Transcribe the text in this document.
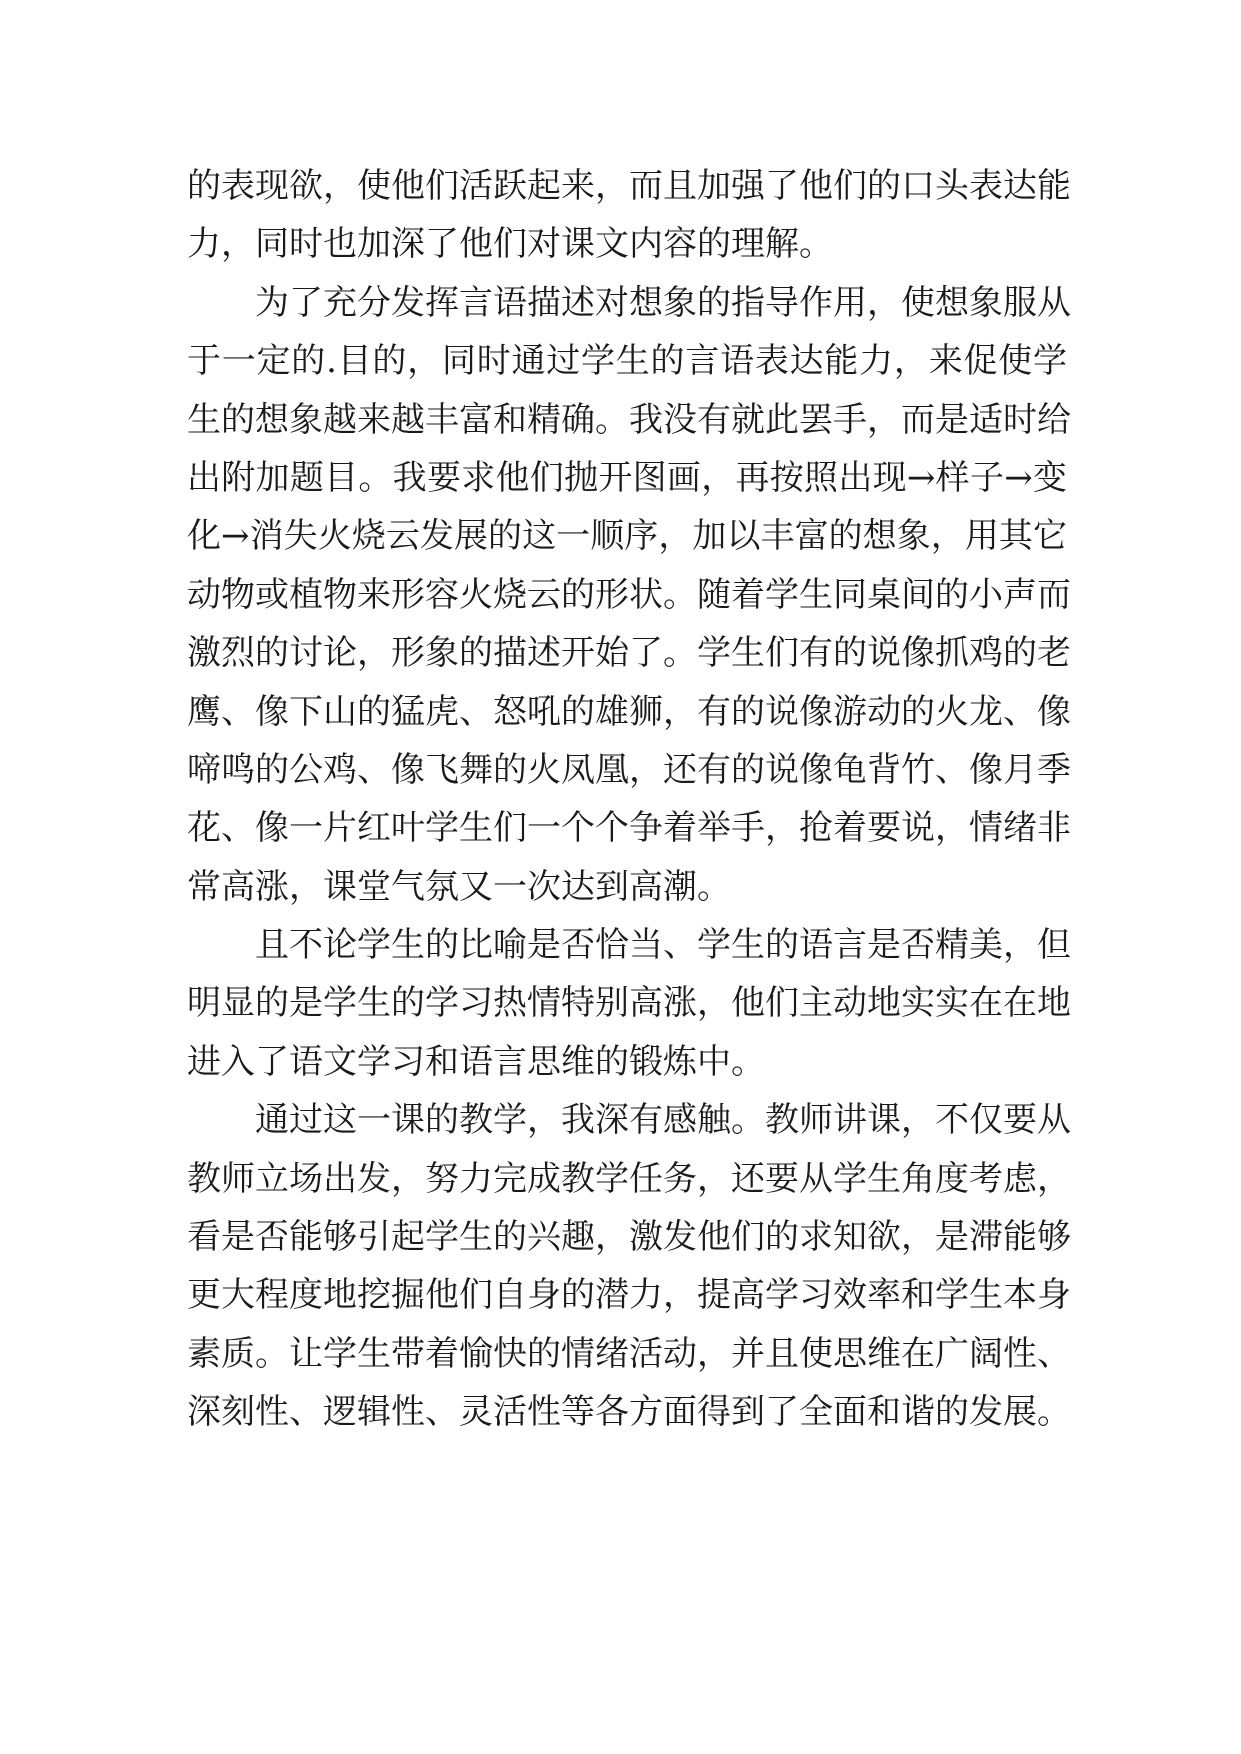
的表现欲，使他们活跃起来，而且加强了他们的口头表达能
力，同时也加深了他们对课文内容的理解。
为了充分发挥言语描述对想象的指导作用，使想象服从
于一定的.目的，同时通过学生的言语表达能力，来促使学
生的想象越来越丰富和精确。我没有就此罢手，而是适时给
出附加题目。我要求他们抛开图画，再按照出现→样子→变
化→消失火烧云发展的这一顺序，加以丰富的想象，用其它
动物或植物来形容火烧云的形状。随着学生同桌间的小声而
激烈的讨论，形象的描述开始了。学生们有的说像抓鸡的老
鹰、像下山的猛虎、怒吼的雄狮，有的说像游动的火龙、像
啼鸣的公鸡、像飞舞的火凤凰，还有的说像龟背竹、像月季
花、像一片红叶学生们一个个争着举手，抢着要说，情绪非
常高涨，课堂气氛又一次达到高潮。
且不论学生的比喻是否恰当、学生的语言是否精美，但
明显的是学生的学习热情特别高涨，他们主动地实实在在地
进入了语文学习和语言思维的锻炼中。
通过这一课的教学，我深有感触。教师讲课，不仅要从
教师立场出发，努力完成教学任务，还要从学生角度考虑，
看是否能够引起学生的兴趣，激发他们的求知欲，是滞能够
更大程度地挖掘他们自身的潜力，提高学习效率和学生本身
素质。让学生带着愉快的情绪活动，并且使思维在广阔性、
深刻性、逻辑性、灵活性等各方面得到了全面和谐的发展。
